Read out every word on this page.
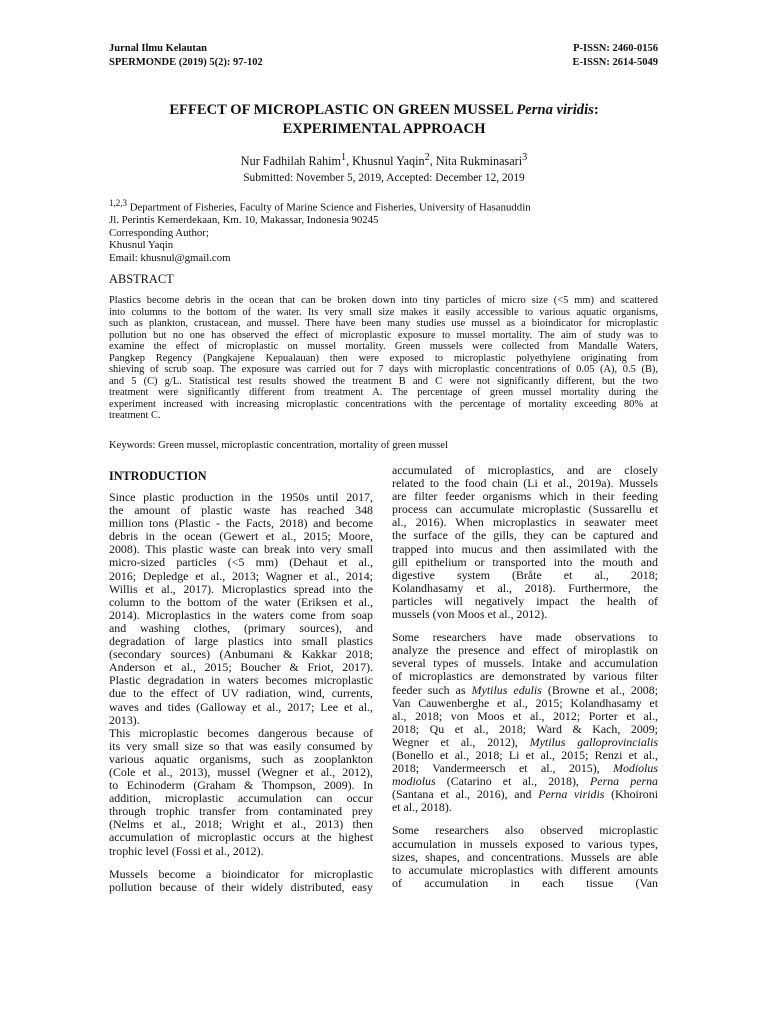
Jurnal Ilmu Kelautan
SPERMONDE (2019) 5(2): 97-102
P-ISSN: 2460-0156
E-ISSN: 2614-5049
EFFECT OF MICROPLASTIC ON GREEN MUSSEL Perna viridis:
EXPERIMENTAL APPROACH
Nur Fadhilah Rahim$^1$, Khusnul Yaqin$^2$, Nita Rukminasari$^3$
Submitted: November 5, 2019, Accepted: December 12, 2019
$^{1,2,3}$ Department of Fisheries, Faculty of Marine Science and Fisheries, University of Hasanuddin
Jl. Perintis Kemerdekaan, Km. 10, Makassar, Indonesia 90245
Corresponding Author;
Khusnul Yaqin
Email: khusnul@gmail.com
ABSTRACT
Plastics become debris in the ocean that can be broken down into tiny particles of micro size (<5 mm) and scattered
into columns to the bottom of the water. Its very small size makes it easily accessible to various aquatic organisms,
such as plankton, crustacean, and mussel. There have been many studies use mussel as a bioindicator for microplastic
pollution but no one has observed the effect of microplastic exposure to mussel mortality. The aim of study was to
examine the effect of microplastic on mussel mortality. Green mussels were collected from Mandalle Waters,
Pangkep Regency (Pangkajene Kepualauan) then were exposed to microplastic polyethylene originating from
shieving of scrub soap. The exposure was carried out for 7 days with microplastic concentrations of 0.05 (A), 0.5 (B),
and 5 (C) g/L. Statistical test results showed the treatment B and C were not significantly different, but the two
treatment were significantly different from treatment A. The percentage of green mussel mortality during the
experiment increased with increasing microplastic concentrations with the percentage of mortality exceeding 80% at
treatment C.
Keywords: Green mussel, microplastic concentration, mortality of green mussel
INTRODUCTION
Since plastic production in the 1950s until 2017,
the amount of plastic waste has reached 348
million tons (Plastic - the Facts, 2018) and become
debris in the ocean (Gewert et al., 2015; Moore,
2008). This plastic waste can break into very small
micro-sized particles (<5 mm) (Dehaut et al.,
2016; Depledge et al., 2013; Wagner et al., 2014;
Willis et al., 2017). Microplastics spread into the
column to the bottom of the water (Eriksen et al.,
2014). Microplastics in the waters come from soap
and washing clothes, (primary sources), and
degradation of large plastics into small plastics
(secondary sources) (Anbumani & Kakkar 2018;
Anderson et al., 2015; Boucher & Friot, 2017).
Plastic degradation in waters becomes microplastic
due to the effect of UV radiation, wind, currents,
waves and tides (Galloway et al., 2017; Lee et al.,
2013).
This microplastic becomes dangerous because of
its very small size so that was easily consumed by
various aquatic organisms, such as zooplankton
(Cole et al., 2013), mussel (Wegner et al., 2012),
to Echinoderm (Graham & Thompson, 2009). In
addition, microplastic accumulation can occur
through trophic transfer from contaminated prey
(Nelms et al., 2018; Wright et al., 2013) then
accumulation of microplastic occurs at the highest
trophic level (Fossi et al., 2012).
Mussels become a bioindicator for microplastic
pollution because of their widely distributed, easy
accumulated of microplastics, and are closely
related to the food chain (Li et al., 2019a). Mussels
are filter feeder organisms which in their feeding
process can accumulate microplastic (Sussarellu et
al., 2016). When microplastics in seawater meet
the surface of the gills, they can be captured and
trapped into mucus and then assimilated with the
gill epithelium or transported into the mouth and
digestive system (Bråte et al., 2018;
Kolandhasamy et al., 2018). Furthermore, the
particles will negatively impact the health of
mussels (von Moos et al., 2012).
Some researchers have made observations to
analyze the presence and effect of miroplastik on
several types of mussels. Intake and accumulation
of microplastics are demonstrated by various filter
feeder such as Mytilus edulis (Browne et al., 2008;
Van Cauwenberghe et al., 2015; Kolandhasamy et
al., 2018; von Moos et al., 2012; Porter et al.,
2018; Qu et al., 2018; Ward & Kach, 2009;
Wegner et al., 2012), Mytilus galloprovincialis
(Bonello et al., 2018; Li et al., 2015; Renzi et al.,
2018; Vandermeersch et al., 2015), Modiolus
modiolus (Catarino et al., 2018), Perna perna
(Santana et al., 2016), and Perna viridis (Khoironi
et al., 2018).
Some researchers also observed microplastic
accumulation in mussels exposed to various types,
sizes, shapes, and concentrations. Mussels are able
to accumulate microplastics with different amounts
of accumulation in each tissue (Van
